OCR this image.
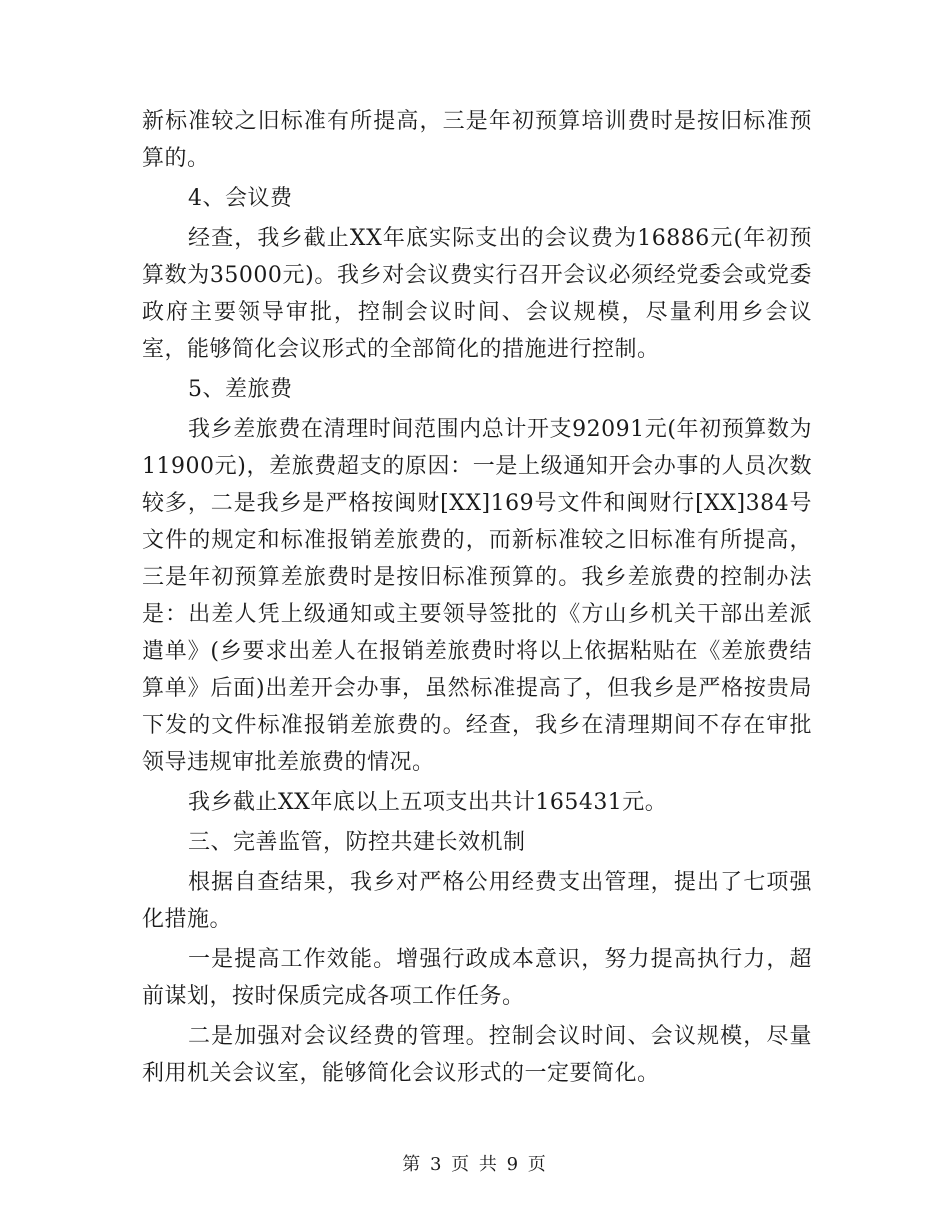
新标准较之旧标准有所提高，三是年初预算培训费时是按旧标准预算的。

4、会议费

经查，我乡截止XX年底实际支出的会议费为16886元(年初预算数为35000元)。我乡对会议费实行召开会议必须经党委会或党委政府主要领导审批，控制会议时间、会议规模，尽量利用乡会议室，能够简化会议形式的全部简化的措施进行控制。

5、差旅费

我乡差旅费在清理时间范围内总计开支92091元(年初预算数为11900元)，差旅费超支的原因：一是上级通知开会办事的人员次数较多，二是我乡是严格按闽财[XX]169号文件和闽财行[XX]384号文件的规定和标准报销差旅费的，而新标准较之旧标准有所提高，三是年初预算差旅费时是按旧标准预算的。我乡差旅费的控制办法是：出差人凭上级通知或主要领导签批的《方山乡机关干部出差派遣单》(乡要求出差人在报销差旅费时将以上依据粘贴在《差旅费结算单》后面)出差开会办事，虽然标准提高了，但我乡是严格按贵局下发的文件标准报销差旅费的。经查，我乡在清理期间不存在审批领导违规审批差旅费的情况。

我乡截止XX年底以上五项支出共计165431元。

三、完善监管，防控共建长效机制

根据自查结果，我乡对严格公用经费支出管理，提出了七项强化措施。

一是提高工作效能。增强行政成本意识，努力提高执行力，超前谋划，按时保质完成各项工作任务。

二是加强对会议经费的管理。控制会议时间、会议规模，尽量利用机关会议室，能够简化会议形式的一定要简化。

第 3 页 共 9 页
